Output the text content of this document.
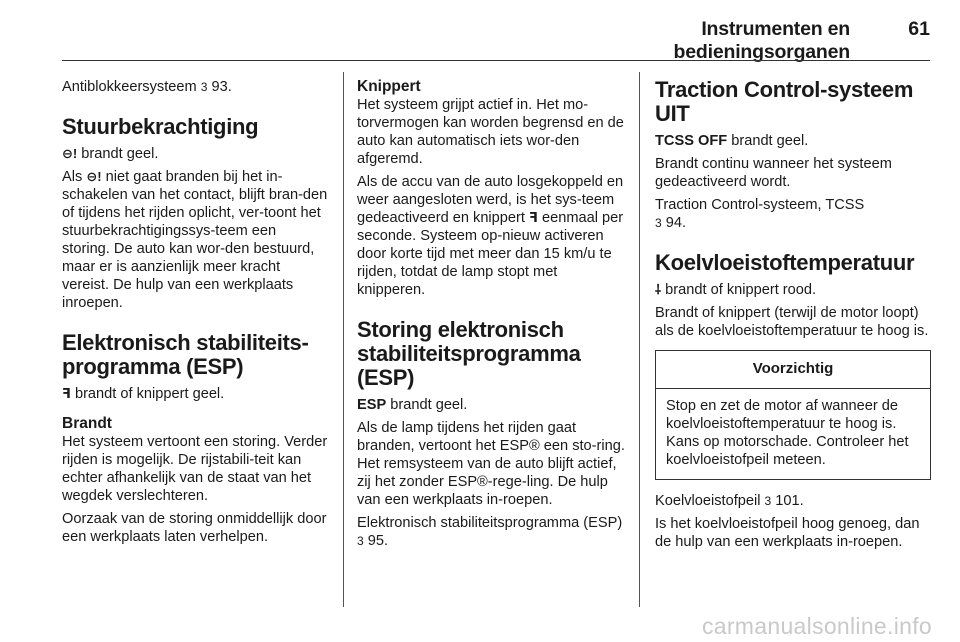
Instrumenten en bedieningsorganen
61

Antiblokkeersysteem 3 93.

Stuurbekrachtiging

⊖! brandt geel.

Als ⊖! niet gaat branden bij het in-schakelen van het contact, blijft bran-den of tijdens het rijden oplicht, ver-toont het stuurbekrachtigingssys-teem een storing. De auto kan wor-den bestuurd, maar er is aanzienlijk meer kracht vereist. De hulp van een werkplaats inroepen.

Elektronisch stabiliteits-
programma (ESP)

ꟻ brandt of knippert geel.

Brandt

Het systeem vertoont een storing. Verder rijden is mogelijk. De rijstabili-teit kan echter afhankelijk van de staat van het wegdek verslechteren.

Oorzaak van de storing onmiddellijk door een werkplaats laten verhelpen.

Knippert

Het systeem grijpt actief in. Het mo-torvermogen kan worden begrensd en de auto kan automatisch iets wor-den afgeremd.

Als de accu van de auto losgekoppeld en weer aangesloten werd, is het sys-teem gedeactiveerd en knippert ꟻ eenmaal per seconde. Systeem op-nieuw activeren door korte tijd met meer dan 15 km/u te rijden, totdat de lamp stopt met knipperen.

Storing elektronisch
stabiliteitsprogramma
(ESP)

ESP brandt geel.

Als de lamp tijdens het rijden gaat branden, vertoont het ESP® een sto-ring. Het remsysteem van de auto blijft actief, zij het zonder ESP®-rege-ling. De hulp van een werkplaats in-roepen.

Elektronisch stabiliteitsprogramma (ESP) 3 95.

Traction Control-systeem
UIT

TCSS OFF brandt geel.

Brandt continu wanneer het systeem gedeactiveerd wordt.

Traction Control-systeem, TCSS
3 94.

Koelvloeistoftemperatuur

⸸ brandt of knippert rood.

Brandt of knippert (terwijl de motor loopt) als de koelvloeistoftemperatuur te hoog is.

Voorzichtig
Stop en zet de motor af wanneer de koelvloeistoftemperatuur te hoog is. Kans op motorschade. Controleer het koelvloeistofpeil meteen.

Koelvloeistofpeil 3 101.

Is het koelvloeistofpeil hoog genoeg, dan de hulp van een werkplaats in-roepen.

carmanualsonline.info
